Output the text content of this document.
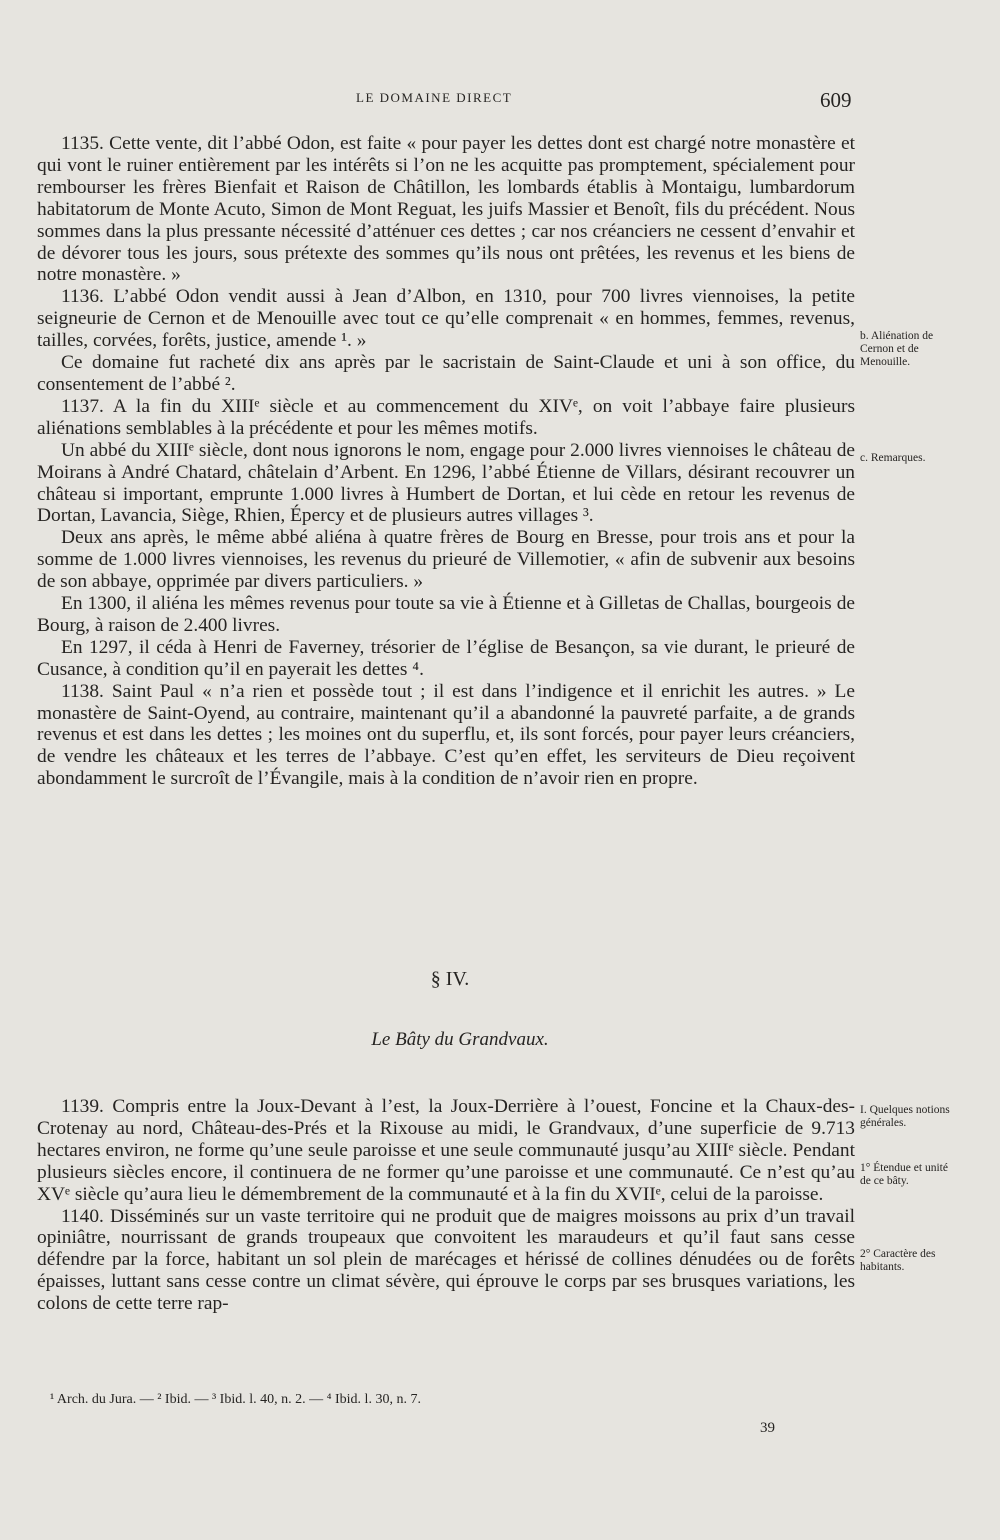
LE DOMAINE DIRECT	609

1135. Cette vente, dit l’abbé Odon, est faite « pour payer les dettes dont est chargé notre monastère et qui vont le ruiner entièrement par les intérêts si l’on ne les acquitte pas promptement, spécialement pour rembourser les frères Bienfait et Raison de Châtillon, les lombards établis à Montaigu, lumbardorum habitatorum de Monte Acuto, Simon de Mont Reguat, les juifs Massier et Benoît, fils du précédent. Nous sommes dans la plus pressante nécessité d’atténuer ces dettes ; car nos créanciers ne cessent d’envahir et de dévorer tous les jours, sous prétexte des sommes qu’ils nous ont prêtées, les revenus et les biens de notre monastère. »

1136. L’abbé Odon vendit aussi à Jean d’Albon, en 1310, pour 700 livres viennoises, la petite seigneurie de Cernon et de Menouille avec tout ce qu’elle comprenait « en hommes, femmes, revenus, tailles, corvées, forêts, justice, amende ¹. »

Ce domaine fut racheté dix ans après par le sacristain de Saint-Claude et uni à son office, du consentement de l’abbé ².

1137. A la fin du XIIIᵉ siècle et au commencement du XIVᵉ, on voit l’abbaye faire plusieurs aliénations semblables à la précédente et pour les mêmes motifs.

Un abbé du XIIIᵉ siècle, dont nous ignorons le nom, engage pour 2.000 livres viennoises le château de Moirans à André Chatard, châtelain d’Arbent. En 1296, l’abbé Étienne de Villars, désirant recouvrer un château si important, emprunte 1.000 livres à Humbert de Dortan, et lui cède en retour les revenus de Dortan, Lavancia, Siège, Rhien, Épercy et de plusieurs autres villages ³.

Deux ans après, le même abbé aliéna à quatre frères de Bourg en Bresse, pour trois ans et pour la somme de 1.000 livres viennoises, les revenus du prieuré de Villemotier, « afin de subvenir aux besoins de son abbaye, opprimée par divers particuliers. »

En 1300, il aliéna les mêmes revenus pour toute sa vie à Étienne et à Gilletas de Challas, bourgeois de Bourg, à raison de 2.400 livres.

En 1297, il céda à Henri de Faverney, trésorier de l’église de Besançon, sa vie durant, le prieuré de Cusance, à condition qu’il en payerait les dettes ⁴.

1138. Saint Paul « n’a rien et possède tout ; il est dans l’indigence et il enrichit les autres. » Le monastère de Saint-Oyend, au contraire, maintenant qu’il a abandonné la pauvreté parfaite, a de grands revenus et est dans les dettes ; les moines ont du superflu, et, ils sont forcés, pour payer leurs créanciers, de vendre les châteaux et les terres de l’abbaye. C’est qu’en effet, les serviteurs de Dieu reçoivent abondamment le surcroît de l’Évangile, mais à la condition de n’avoir rien en propre.

§ IV.
Le Bâty du Grandvaux.

1139. Compris entre la Joux-Devant à l’est, la Joux-Derrière à l’ouest, Foncine et la Chaux-des-Crotenay au nord, Château-des-Prés et la Rixouse au midi, le Grandvaux, d’une superficie de 9.713 hectares environ, ne forme qu’une seule paroisse et une seule communauté jusqu’au XIIIᵉ siècle. Pendant plusieurs siècles encore, il continuera de ne former qu’une paroisse et une communauté. Ce n’est qu’au XVᵉ siècle qu’aura lieu le démembrement de la communauté et à la fin du XVIIᵉ, celui de la paroisse.

1140. Disséminés sur un vaste territoire qui ne produit que de maigres moissons au prix d’un travail opiniâtre, nourrissant de grands troupeaux que convoitent les maraudeurs et qu’il faut sans cesse défendre par la force, habitant un sol plein de marécages et hérissé de collines dénudées ou de forêts épaisses, luttant sans cesse contre un climat sévère, qui éprouve le corps par ses brusques variations, les colons de cette terre rap-

b. Aliénation de Cernon et de Menouille.
c. Remarques.
I. Quelques notions générales.
1° Étendue et unité de ce bâty.
2° Caractère des habitants.
¹ Arch. du Jura. — ² Ibid. — ³ Ibid. l. 40, n. 2. — ⁴ Ibid. l. 30, n. 7.
39
